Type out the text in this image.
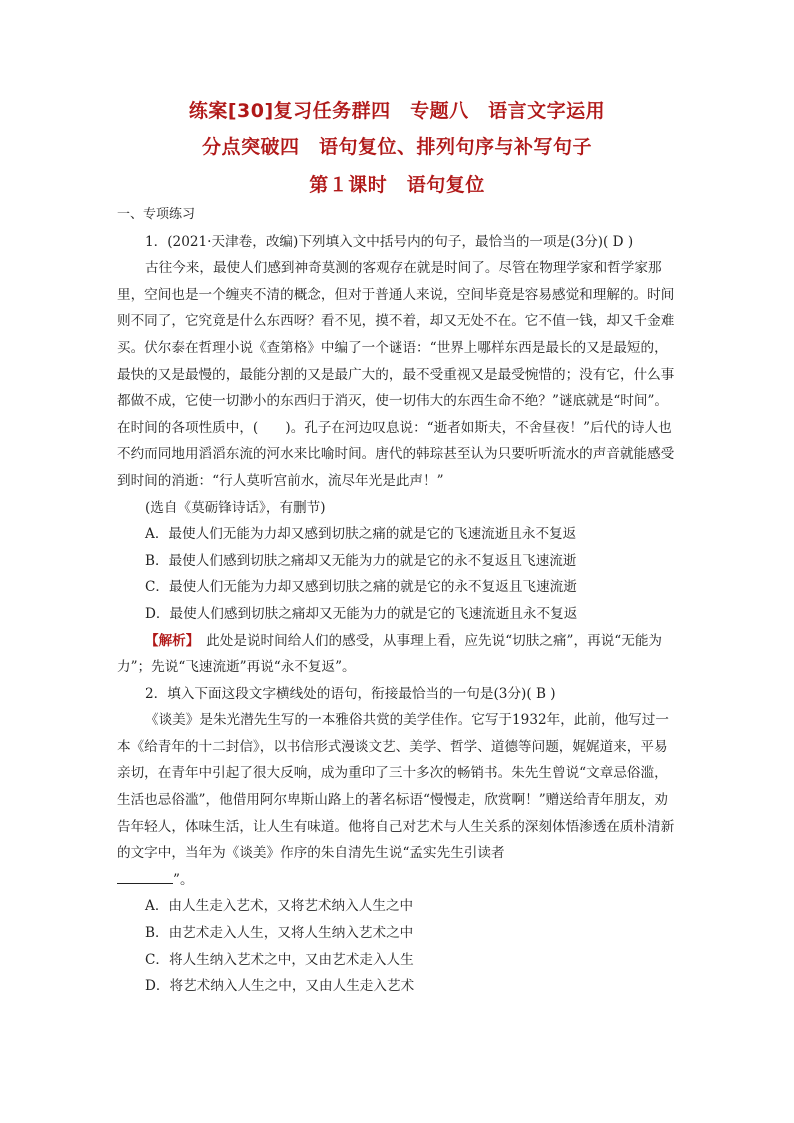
练案[30]复习任务群四　专题八　语言文字运用
分点突破四　语句复位、排列句序与补写句子
第１课时　语句复位

一、专项练习

1．(2021·天津卷，改编)下列填入文中括号内的句子，最恰当的一项是(3分)( D )

古往今来，最使人们感到神奇莫测的客观存在就是时间了。尽管在物理学家和哲学家那里，空间也是一个缠夹不清的概念，但对于普通人来说，空间毕竟是容易感觉和理解的。时间则不同了，它究竟是什么东西呀？看不见，摸不着，却又无处不在。它不值一钱，却又千金难买。伏尔泰在哲理小说《查第格》中编了一个谜语：“世界上哪样东西是最长的又是最短的，最快的又是最慢的，最能分割的又是最广大的，最不受重视又是最受惋惜的；没有它，什么事都做不成，它使一切渺小的东西归于消灭，使一切伟大的东西生命不绝？”谜底就是“时间”。在时间的各项性质中，(　　)。孔子在河边叹息说：“逝者如斯夫，不舍昼夜！”后代的诗人也不约而同地用滔滔东流的河水来比喻时间。唐代的韩琮甚至认为只要听听流水的声音就能感受到时间的消逝：“行人莫听宫前水，流尽年光是此声！”

(选自《莫砺锋诗话》，有删节)

A．最使人们无能为力却又感到切肤之痛的就是它的飞速流逝且永不复返

B．最使人们感到切肤之痛却又无能为力的就是它的永不复返且飞速流逝

C．最使人们无能为力却又感到切肤之痛的就是它的永不复返且飞速流逝

D．最使人们感到切肤之痛却又无能为力的就是它的飞速流逝且永不复返

【解析】　此处是说时间给人们的感受，从事理上看，应先说“切肤之痛”，再说“无能为力”；先说“飞速流逝”再说“永不复返”。

2．填入下面这段文字横线处的语句，衔接最恰当的一句是(3分)( B )

《谈美》是朱光潜先生写的一本雅俗共赏的美学佳作。它写于1932年，此前，他写过一本《给青年的十二封信》，以书信形式漫谈文艺、美学、哲学、道德等问题，娓娓道来，平易亲切，在青年中引起了很大反响，成为重印了三十多次的畅销书。朱先生曾说“文章忌俗滥，生活也忌俗滥”，他借用阿尔卑斯山路上的著名标语“慢慢走，欣赏啊！”赠送给青年朋友，劝告年轻人，体味生活，让人生有味道。他将自己对艺术与人生关系的深刻体悟渗透在质朴清新的文字中，当年为《谈美》作序的朱自清先生说“孟实先生引读者
”。

A．由人生走入艺术，又将艺术纳入人生之中

B．由艺术走入人生，又将人生纳入艺术之中

C．将人生纳入艺术之中，又由艺术走入人生

D．将艺术纳入人生之中，又由人生走入艺术
